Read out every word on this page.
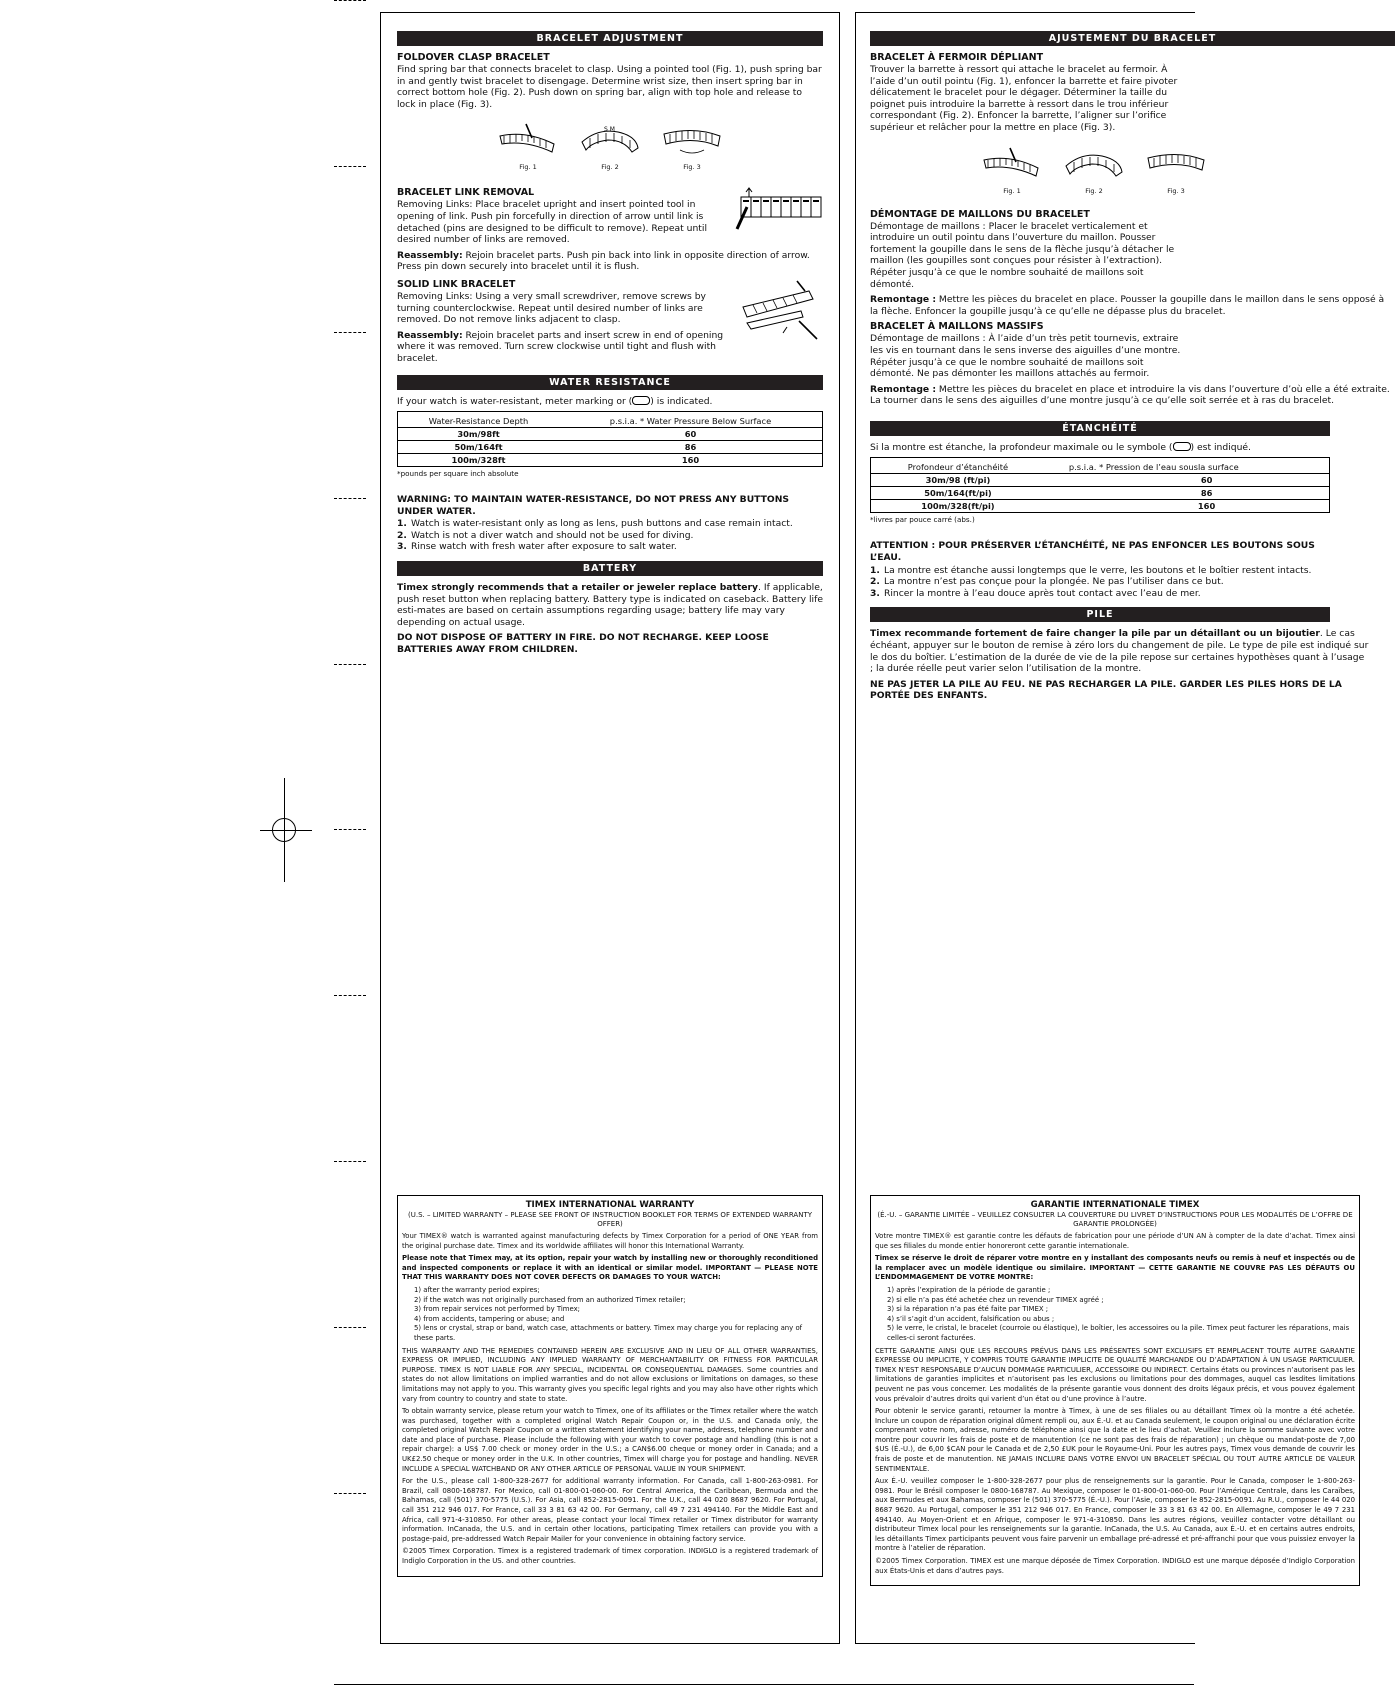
BRACELET ADJUSTMENT
FOLDOVER CLASP BRACELET

Find spring bar that connects bracelet to clasp. Using a pointed tool (Fig. 1), push spring bar in and gently twist bracelet to disengage. Determine wrist size, then insert spring bar in correct bottom hole (Fig. 2). Push down on spring bar, align with top hole and release to lock in place (Fig. 3).

Fig. 1
S M
Fig. 2	Fig. 3
BRACELET LINK REMOVAL

Removing Links: Place bracelet upright and insert pointed tool in opening of link. Push pin forcefully in direction of arrow until link is detached (pins are designed to be difficult to remove). Repeat until desired number of links are removed.

Reassembly: Rejoin bracelet parts. Push pin back into link in opposite direction of arrow. Press pin down securely into bracelet until it is flush.

SOLID LINK BRACELET

Removing Links: Using a very small screwdriver, remove screws by turning counterclockwise. Repeat until desired number of links are removed. Do not remove links adjacent to clasp.

Reassembly: Rejoin bracelet parts and insert screw in end of opening where it was removed. Turn screw clockwise until tight and flush with bracelet.

WATER RESISTANCE

If your watch is water-resistant, meter marking or ( ) is indicated.

Water-Resistance Depth	p.s.i.a. * Water Pressure Below Surface
30m/98ft	60
50m/164ft	86
100m/328ft	160

*pounds per square inch absolute

WARNING: TO MAINTAIN WATER-RESISTANCE, DO NOT PRESS ANY BUTTONS UNDER WATER.

1. Watch is water-resistant only as long as lens, push buttons and case remain intact.
2. Watch is not a diver watch and should not be used for diving.
3. Rinse watch with fresh water after exposure to salt water.
BATTERY

Timex strongly recommends that a retailer or jeweler replace battery. If applicable, push reset button when replacing battery. Battery type is indicated on caseback. Battery life esti-mates are based on certain assumptions regarding usage; battery life may vary depending on actual usage.

DO NOT DISPOSE OF BATTERY IN FIRE. DO NOT RECHARGE. KEEP LOOSE BATTERIES AWAY FROM CHILDREN.

TIMEX INTERNATIONAL WARRANTY

(U.S. – LIMITED WARRANTY – PLEASE SEE FRONT OF INSTRUCTION BOOKLET FOR TERMS OF EXTENDED WARRANTY OFFER)

Your TIMEX® watch is warranted against manufacturing defects by Timex Corporation for a period of ONE YEAR from the original purchase date. Timex and its worldwide affiliates will honor this International Warranty.

Please note that Timex may, at its option, repair your watch by installing new or thoroughly reconditioned and inspected components or replace it with an identical or similar model. IMPORTANT — PLEASE NOTE THAT THIS WARRANTY DOES NOT COVER DEFECTS OR DAMAGES TO YOUR WATCH:

1) after the warranty period expires;
2) if the watch was not originally purchased from an authorized Timex retailer;
3) from repair services not performed by Timex;
4) from accidents, tampering or abuse; and
5) lens or crystal, strap or band, watch case, attachments or battery. Timex may charge you for replacing any of these parts.

THIS WARRANTY AND THE REMEDIES CONTAINED HEREIN ARE EXCLUSIVE AND IN LIEU OF ALL OTHER WARRANTIES, EXPRESS OR IMPLIED, INCLUDING ANY IMPLIED WARRANTY OF MERCHANTABILITY OR FITNESS FOR PARTICULAR PURPOSE. TIMEX IS NOT LIABLE FOR ANY SPECIAL, INCIDENTAL OR CONSEQUENTIAL DAMAGES. Some countries and states do not allow limitations on implied warranties and do not allow exclusions or limitations on damages, so these limitations may not apply to you. This warranty gives you specific legal rights and you may also have other rights which vary from country to country and state to state.

To obtain warranty service, please return your watch to Timex, one of its affiliates or the Timex retailer where the watch was purchased, together with a completed original Watch Repair Coupon or, in the U.S. and Canada only, the completed original Watch Repair Coupon or a written statement identifying your name, address, telephone number and date and place of purchase. Please include the following with your watch to cover postage and handling (this is not a repair charge): a US$ 7.00 check or money order in the U.S.; a CAN$6.00 cheque or money order in Canada; and a UK£2.50 cheque or money order in the U.K. In other countries, Timex will charge you for postage and handling. NEVER INCLUDE A SPECIAL WATCHBAND OR ANY OTHER ARTICLE OF PERSONAL VALUE IN YOUR SHIPMENT.

For the U.S., please call 1-800-328-2677 for additional warranty information. For Canada, call 1-800-263-0981. For Brazil, call 0800-168787. For Mexico, call 01-800-01-060-00. For Central America, the Caribbean, Bermuda and the Bahamas, call (501) 370-5775 (U.S.). For Asia, call 852-2815-0091. For the U.K., call 44 020 8687 9620. For Portugal, call 351 212 946 017. For France, call 33 3 81 63 42 00. For Germany, call 49 7 231 494140. For the Middle East and Africa, call 971-4-310850. For other areas, please contact your local Timex retailer or Timex distributor for warranty information. InCanada, the U.S. and in certain other locations, participating Timex retailers can provide you with a postage-paid, pre-addressed Watch Repair Mailer for your convenience in obtaining factory service.

©2005 Timex Corporation. Timex is a registered trademark of timex corporation. INDIGLO is a registered trademark of Indiglo Corporation in the US. and other countries.

AJUSTEMENT DU BRACELET
BRACELET À FERMOIR DÉPLIANT

Trouver la barrette à ressort qui attache le bracelet au fermoir. À l’aide d’un outil pointu (Fig. 1), enfoncer la barrette et faire pivoter délicatement le bracelet pour le dégager. Déterminer la taille du poignet puis introduire la barrette à ressort dans le trou inférieur correspondant (Fig. 2). Enfoncer la barrette, l’aligner sur l’orifice supérieur et relâcher pour la mettre en place (Fig. 3).

Fig. 1	Fig. 2	Fig. 3
DÉMONTAGE DE MAILLONS DU BRACELET

Démontage de maillons : Placer le bracelet verticalement et introduire un outil pointu dans l’ouverture du maillon. Pousser fortement la goupille dans le sens de la flèche jusqu’à détacher le maillon (les goupilles sont conçues pour résister à l’extraction). Répéter jusqu’à ce que le nombre souhaité de maillons soit démonté.

Remontage : Mettre les pièces du bracelet en place. Pousser la goupille dans le maillon dans le sens opposé à la flèche. Enfoncer la goupille jusqu’à ce qu’elle ne dépasse plus du bracelet.

BRACELET À MAILLONS MASSIFS

Démontage de maillons : À l’aide d’un très petit tournevis, extraire les vis en tournant dans le sens inverse des aiguilles d’une montre. Répéter jusqu’à ce que le nombre souhaité de maillons soit démonté. Ne pas démonter les maillons attachés au fermoir.

Remontage : Mettre les pièces du bracelet en place et introduire la vis dans l’ouverture d’où elle a été extraite. La tourner dans le sens des aiguilles d’une montre jusqu’à ce qu’elle soit serrée et à ras du bracelet.

ÉTANCHÉITÉ

Si la montre est étanche, la profondeur maximale ou le symbole ( ) est indiqué.

Profondeur d’étanchéité	p.s.i.a. * Pression de l’eau sousla surface
30m/98 (ft/pi)	60
50m/164(ft/pi)	86
100m/328(ft/pi)	160

*livres par pouce carré (abs.)

ATTENTION : POUR PRÉSERVER L’ÉTANCHÉITÉ, NE PAS ENFONCER LES BOUTONS SOUS L’EAU.

1. La montre est étanche aussi longtemps que le verre, les boutons et le boîtier restent intacts.
2. La montre n’est pas conçue pour la plongée. Ne pas l’utiliser dans ce but.
3. Rincer la montre à l’eau douce après tout contact avec l’eau de mer.
PILE

Timex recommande fortement de faire changer la pile par un détaillant ou un bijoutier. Le cas échéant, appuyer sur le bouton de remise à zéro lors du changement de pile. Le type de pile est indiqué sur le dos du boîtier. L’estimation de la durée de vie de la pile repose sur certaines hypothèses quant à l’usage ; la durée réelle peut varier selon l’utilisation de la montre.

NE PAS JETER LA PILE AU FEU. NE PAS RECHARGER LA PILE. GARDER LES PILES HORS DE LA PORTÉE DES ENFANTS.

GARANTIE INTERNATIONALE TIMEX

(É.-U. – GARANTIE LIMITÉE – VEUILLEZ CONSULTER LA COUVERTURE DU LIVRET D’INSTRUCTIONS POUR LES MODALITÉS DE L’OFFRE DE GARANTIE PROLONGÉE)

Votre montre TIMEX® est garantie contre les défauts de fabrication pour une période d’UN AN à compter de la date d’achat. Timex ainsi que ses filiales du monde entier honoreront cette garantie internationale.

Timex se réserve le droit de réparer votre montre en y installant des composants neufs ou remis à neuf et inspectés ou de la remplacer avec un modèle identique ou similaire. IMPORTANT — CETTE GARANTIE NE COUVRE PAS LES DÉFAUTS OU L’ENDOMMAGEMENT DE VOTRE MONTRE:

1) après l’expiration de la période de garantie ;
2) si elle n’a pas été achetée chez un revendeur TIMEX agréé ;
3) si la réparation n’a pas été faite par TIMEX ;
4) s’il s’agit d’un accident, falsification ou abus ;
5) le verre, le cristal, le bracelet (courroie ou élastique), le boîtier, les accessoires ou la pile. Timex peut facturer les réparations, mais celles-ci seront facturées.

CETTE GARANTIE AINSI QUE LES RECOURS PRÉVUS DANS LES PRÉSENTES SONT EXCLUSIFS ET REMPLACENT TOUTE AUTRE GARANTIE EXPRESSE OU IMPLICITE, Y COMPRIS TOUTE GARANTIE IMPLICITE DE QUALITÉ MARCHANDE OU D’ADAPTATION À UN USAGE PARTICULIER. TIMEX N’EST RESPONSABLE D’AUCUN DOMMAGE PARTICULIER, ACCESSOIRE OU INDIRECT. Certains états ou provinces n’autorisent pas les limitations de garanties implicites et n’autorisent pas les exclusions ou limitations pour des dommages, auquel cas lesdites limitations peuvent ne pas vous concerner. Les modalités de la présente garantie vous donnent des droits légaux précis, et vous pouvez également vous prévaloir d’autres droits qui varient d’un état ou d’une province à l’autre.

Pour obtenir le service garanti, retourner la montre à Timex, à une de ses filiales ou au détaillant Timex où la montre a été achetée. Inclure un coupon de réparation original dûment rempli ou, aux É.-U. et au Canada seulement, le coupon original ou une déclaration écrite comprenant votre nom, adresse, numéro de téléphone ainsi que la date et le lieu d’achat. Veuillez inclure la somme suivante avec votre montre pour couvrir les frais de poste et de manutention (ce ne sont pas des frais de réparation) ; un chèque ou mandat-poste de 7,00 $US (É.-U.), de 6,00 $CAN pour le Canada et de 2,50 £UK pour le Royaume-Uni. Pour les autres pays, Timex vous demande de couvrir les frais de poste et de manutention. NE JAMAIS INCLURE DANS VOTRE ENVOI UN BRACELET SPÉCIAL OU TOUT AUTRE ARTICLE DE VALEUR SENTIMENTALE.

Aux É.-U. veuillez composer le 1-800-328-2677 pour plus de renseignements sur la garantie. Pour le Canada, composer le 1-800-263-0981. Pour le Brésil composer le 0800-168787. Au Mexique, composer le 01-800-01-060-00. Pour l’Amérique Centrale, dans les Caraïbes, aux Bermudes et aux Bahamas, composer le (501) 370-5775 (É.-U.). Pour l’Asie, composer le 852-2815-0091. Au R.U., composer le 44 020 8687 9620. Au Portugal, composer le 351 212 946 017. En France, composer le 33 3 81 63 42 00. En Allemagne, composer le 49 7 231 494140. Au Moyen-Orient et en Afrique, composer le 971-4-310850. Dans les autres régions, veuillez contacter votre détaillant ou distributeur Timex local pour les renseignements sur la garantie. InCanada, the U.S. Au Canada, aux É.-U. et en certains autres endroits, les détaillants Timex participants peuvent vous faire parvenir un emballage pré-adressé et pré-affranchi pour que vous puissiez envoyer la montre à l’atelier de réparation.

©2005 Timex Corporation. TIMEX est une marque déposée de Timex Corporation. INDIGLO est une marque déposée d’Indiglo Corporation aux États-Unis et dans d’autres pays.
